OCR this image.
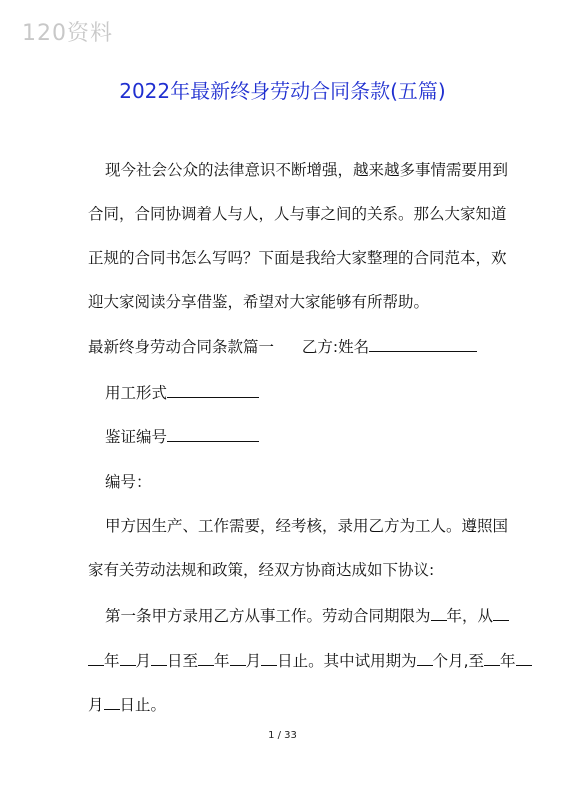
120资料
2022年最新终身劳动合同条款(五篇)
现今社会公众的法律意识不断增强，越来越多事情需要用到
合同，合同协调着人与人，人与事之间的关系。那么大家知道
正规的合同书怎么写吗？下面是我给大家整理的合同范本，欢
迎大家阅读分享借鉴，希望对大家能够有所帮助。
最新终身劳动合同条款篇一 乙方:姓名
用工形式
鉴证编号
编号：
甲方因生产、工作需要，经考核，录用乙方为工人。遵照国
家有关劳动法规和政策，经双方协商达成如下协议:
第一条甲方录用乙方从事工作。劳动合同期限为 年，从
年 月 日至 年 月 日止。其中试用期为 个月,至 年
月 日止。
1 / 33
